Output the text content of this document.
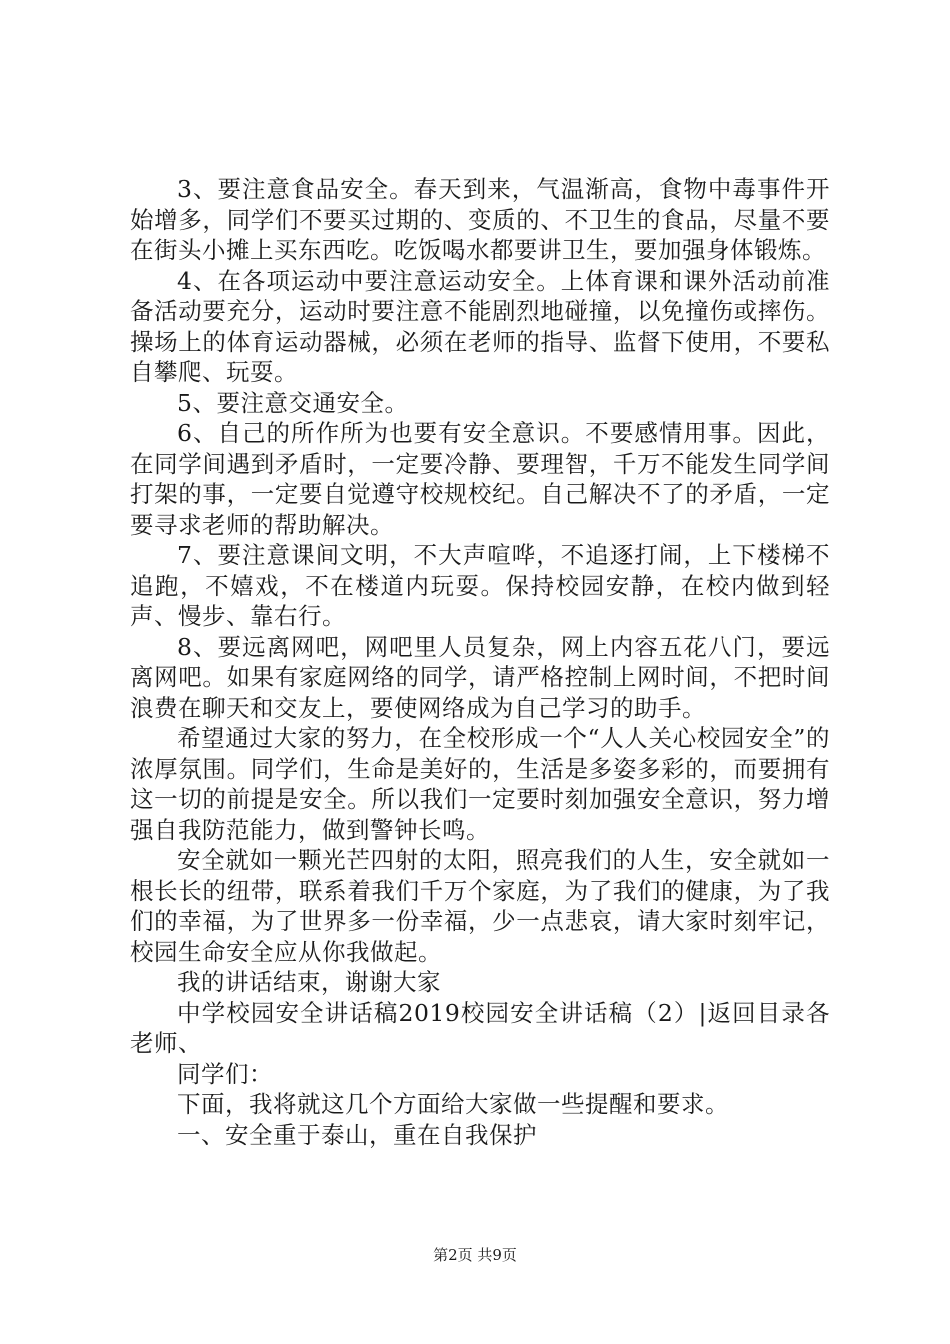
3、要注意食品安全。春天到来，气温渐高，食物中毒事件开始增多，同学们不要买过期的、变质的、不卫生的食品，尽量不要在街头小摊上买东西吃。吃饭喝水都要讲卫生，要加强身体锻炼。

4、在各项运动中要注意运动安全。上体育课和课外活动前准备活动要充分，运动时要注意不能剧烈地碰撞，以免撞伤或摔伤。操场上的体育运动器械，必须在老师的指导、监督下使用，不要私自攀爬、玩耍。

5、要注意交通安全。

6、自己的所作所为也要有安全意识。不要感情用事。因此，在同学间遇到矛盾时，一定要冷静、要理智，千万不能发生同学间打架的事，一定要自觉遵守校规校纪。自己解决不了的矛盾，一定要寻求老师的帮助解决。

7、要注意课间文明，不大声喧哗，不追逐打闹，上下楼梯不追跑，不嬉戏，不在楼道内玩耍。保持校园安静，在校内做到轻声、慢步、靠右行。

8、要远离网吧，网吧里人员复杂，网上内容五花八门，要远离网吧。如果有家庭网络的同学，请严格控制上网时间，不把时间浪费在聊天和交友上，要使网络成为自己学习的助手。

希望通过大家的努力，在全校形成一个“人人关心校园安全”的浓厚氛围。同学们，生命是美好的，生活是多姿多彩的，而要拥有这一切的前提是安全。所以我们一定要时刻加强安全意识，努力增强自我防范能力，做到警钟长鸣。

安全就如一颗光芒四射的太阳，照亮我们的人生，安全就如一根长长的纽带，联系着我们千万个家庭，为了我们的健康，为了我们的幸福，为了世界多一份幸福，少一点悲哀，请大家时刻牢记，校园生命安全应从你我做起。

我的讲话结束，谢谢大家

中学校园安全讲话稿2019校园安全讲话稿（2）|返回目录各老师、

同学们：

下面，我将就这几个方面给大家做一些提醒和要求。

一、安全重于泰山，重在自我保护

第2页 共9页
